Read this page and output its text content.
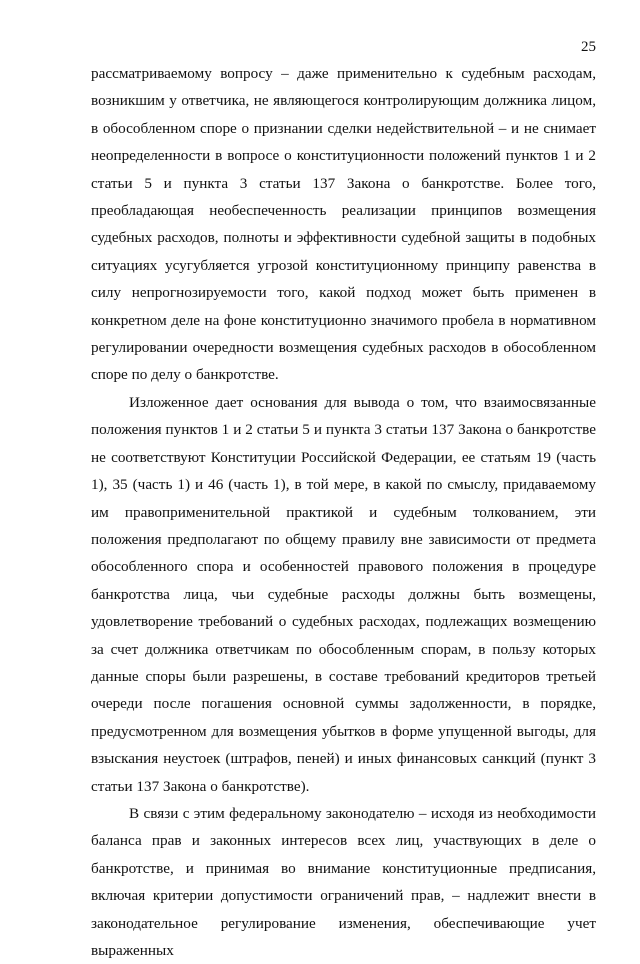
25

рассматриваемому вопросу – даже применительно к судебным расходам, возникшим у ответчика, не являющегося контролирующим должника лицом, в обособленном споре о признании сделки недействительной – и не снимает неопределенности в вопросе о конституционности положений пунктов 1 и 2 статьи 5 и пункта 3 статьи 137 Закона о банкротстве. Более того, преобладающая необеспеченность реализации принципов возмещения судебных расходов, полноты и эффективности судебной защиты в подобных ситуациях усугубляется угрозой конституционному принципу равенства в силу непрогнозируемости того, какой подход может быть применен в конкретном деле на фоне конституционно значимого пробела в нормативном регулировании очередности возмещения судебных расходов в обособленном споре по делу о банкротстве.

Изложенное дает основания для вывода о том, что взаимосвязанные положения пунктов 1 и 2 статьи 5 и пункта 3 статьи 137 Закона о банкротстве не соответствуют Конституции Российской Федерации, ее статьям 19 (часть 1), 35 (часть 1) и 46 (часть 1), в той мере, в какой по смыслу, придаваемому им правоприменительной практикой и судебным толкованием, эти положения предполагают по общему правилу вне зависимости от предмета обособленного спора и особенностей правового положения в процедуре банкротства лица, чьи судебные расходы должны быть возмещены, удовлетворение требований о судебных расходах, подлежащих возмещению за счет должника ответчикам по обособленным спорам, в пользу которых данные споры были разрешены, в составе требований кредиторов третьей очереди после погашения основной суммы задолженности, в порядке, предусмотренном для возмещения убытков в форме упущенной выгоды, для взыскания неустоек (штрафов, пеней) и иных финансовых санкций (пункт 3 статьи 137 Закона о банкротстве).

В связи с этим федеральному законодателю – исходя из необходимости баланса прав и законных интересов всех лиц, участвующих в деле о банкротстве, и принимая во внимание конституционные предписания, включая критерии допустимости ограничений прав, – надлежит внести в законодательное регулирование изменения, обеспечивающие учет выраженных
